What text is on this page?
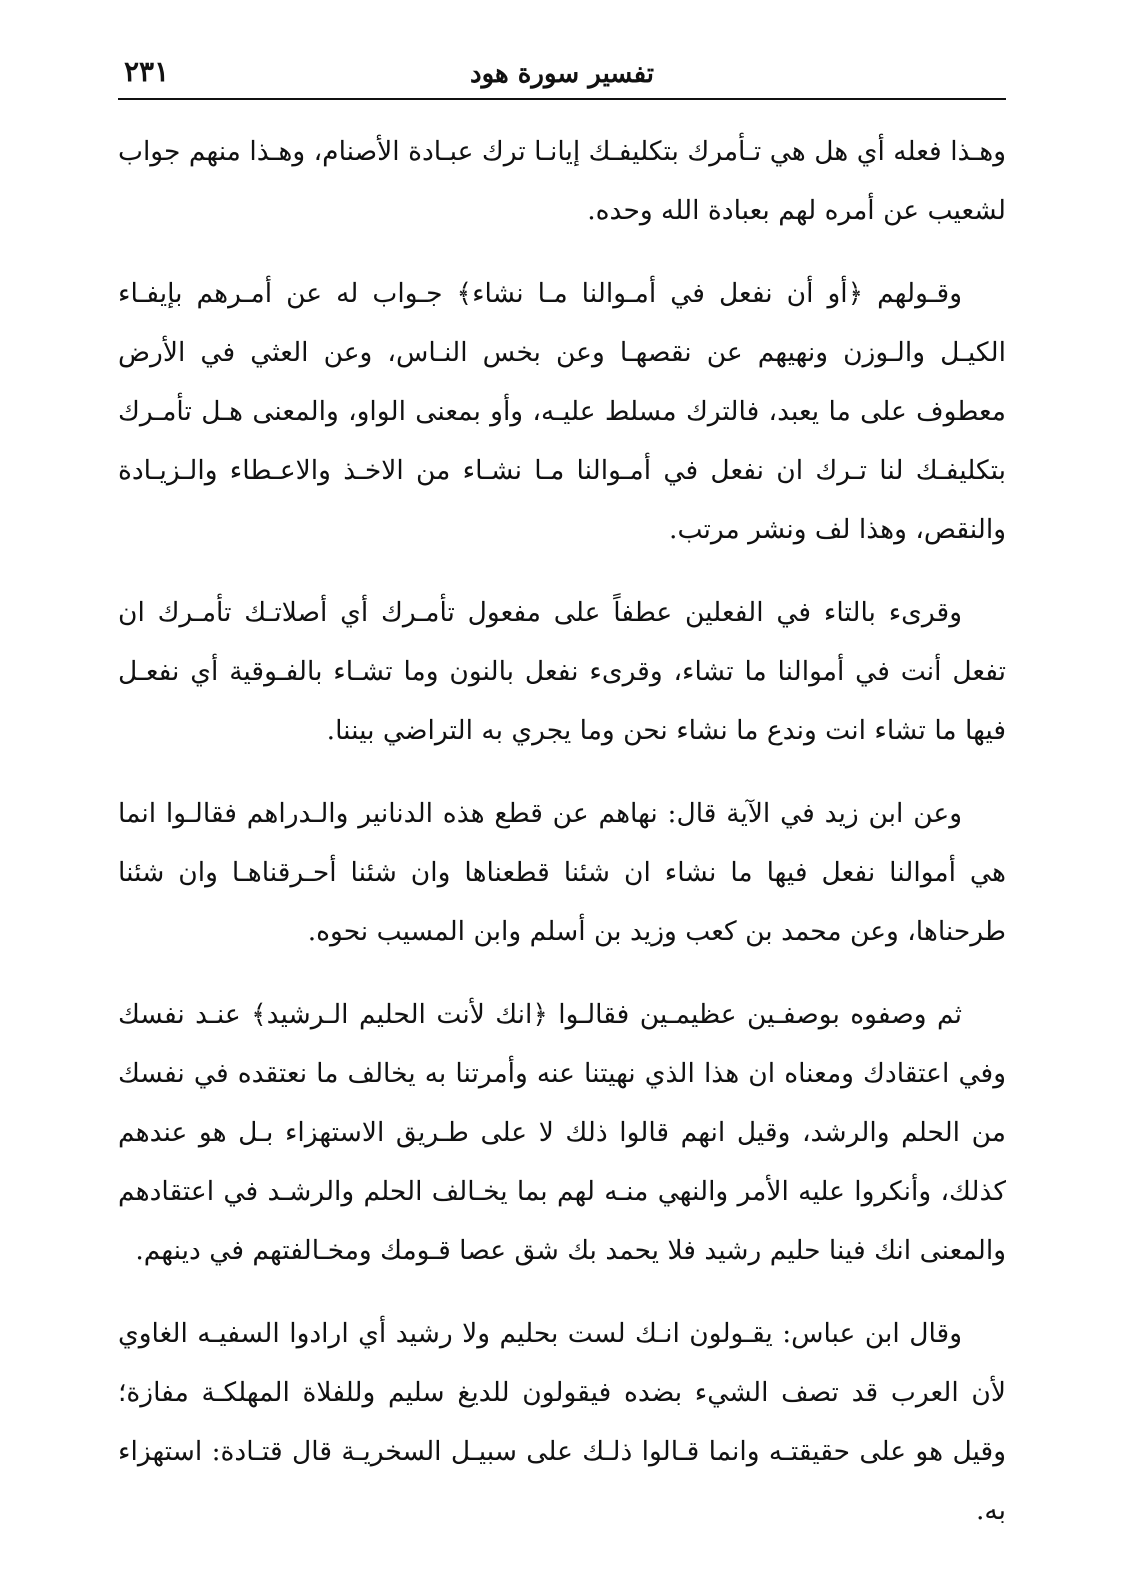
٢٣١	تفسير سورة هود

وهـذا فعله أي هل هي تـأمرك بتكليفـك إيانـا ترك عبـادة الأصنام، وهـذا منهم جواب لشعيب عن أمره لهم بعبادة الله وحده.

وقـولهم ﴿أو أن نفعل في أمـوالنا مـا نشاء﴾ جـواب له عن أمـرهم بإيفـاء الكيـل والـوزن ونهيهم عن نقصهـا وعن بخس النـاس، وعن العثي في الأرض معطوف على ما يعبد، فالترك مسلط عليـه، وأو بمعنى الواو، والمعنى هـل تأمـرك بتكليفـك لنا تـرك ان نفعل في أمـوالنا مـا نشـاء من الاخـذ والاعـطاء والـزيـادة والنقص، وهذا لف ونشر مرتب.

وقرىء بالتاء في الفعلين عطفاً على مفعول تأمـرك أي أصلاتـك تأمـرك ان تفعل أنت في أموالنا ما تشاء، وقرىء نفعل بالنون وما تشـاء بالفـوقية أي نفعـل فيها ما تشاء انت وندع ما نشاء نحن وما يجري به التراضي بيننا.

وعن ابن زيد في الآية قال: نهاهم عن قطع هذه الدنانير والـدراهم فقالـوا انما هي أموالنا نفعل فيها ما نشاء ان شئنا قطعناها وان شئنا أحـرقناهـا وان شئنا طرحناها، وعن محمد بن كعب وزيد بن أسلم وابن المسيب نحوه.

ثم وصفوه بوصفـين عظيمـين فقالـوا ﴿انك لأنت الحليم الـرشيد﴾ عنـد نفسك وفي اعتقادك ومعناه ان هذا الذي نهيتنا عنه وأمرتنا به يخالف ما نعتقده في نفسك من الحلم والرشد، وقيل انهم قالوا ذلك لا على طـريق الاستهزاء بـل هو عندهم كذلك، وأنكروا عليه الأمر والنهي منـه لهم بما يخـالف الحلم والرشـد في اعتقادهم والمعنى انك فينا حليم رشيد فلا يحمد بك شق عصا قـومك ومخـالفتهم في دينهم.

وقال ابن عباس: يقـولون انـك لست بحليم ولا رشيد أي ارادوا السفيـه الغاوي لأن العرب قد تصف الشيء بضده فيقولون للديغ سليم وللفلاة المهلكـة مفازة؛ وقيل هو على حقيقتـه وانما قـالوا ذلـك على سبيـل السخريـة قال قتـادة: استهزاء به.
